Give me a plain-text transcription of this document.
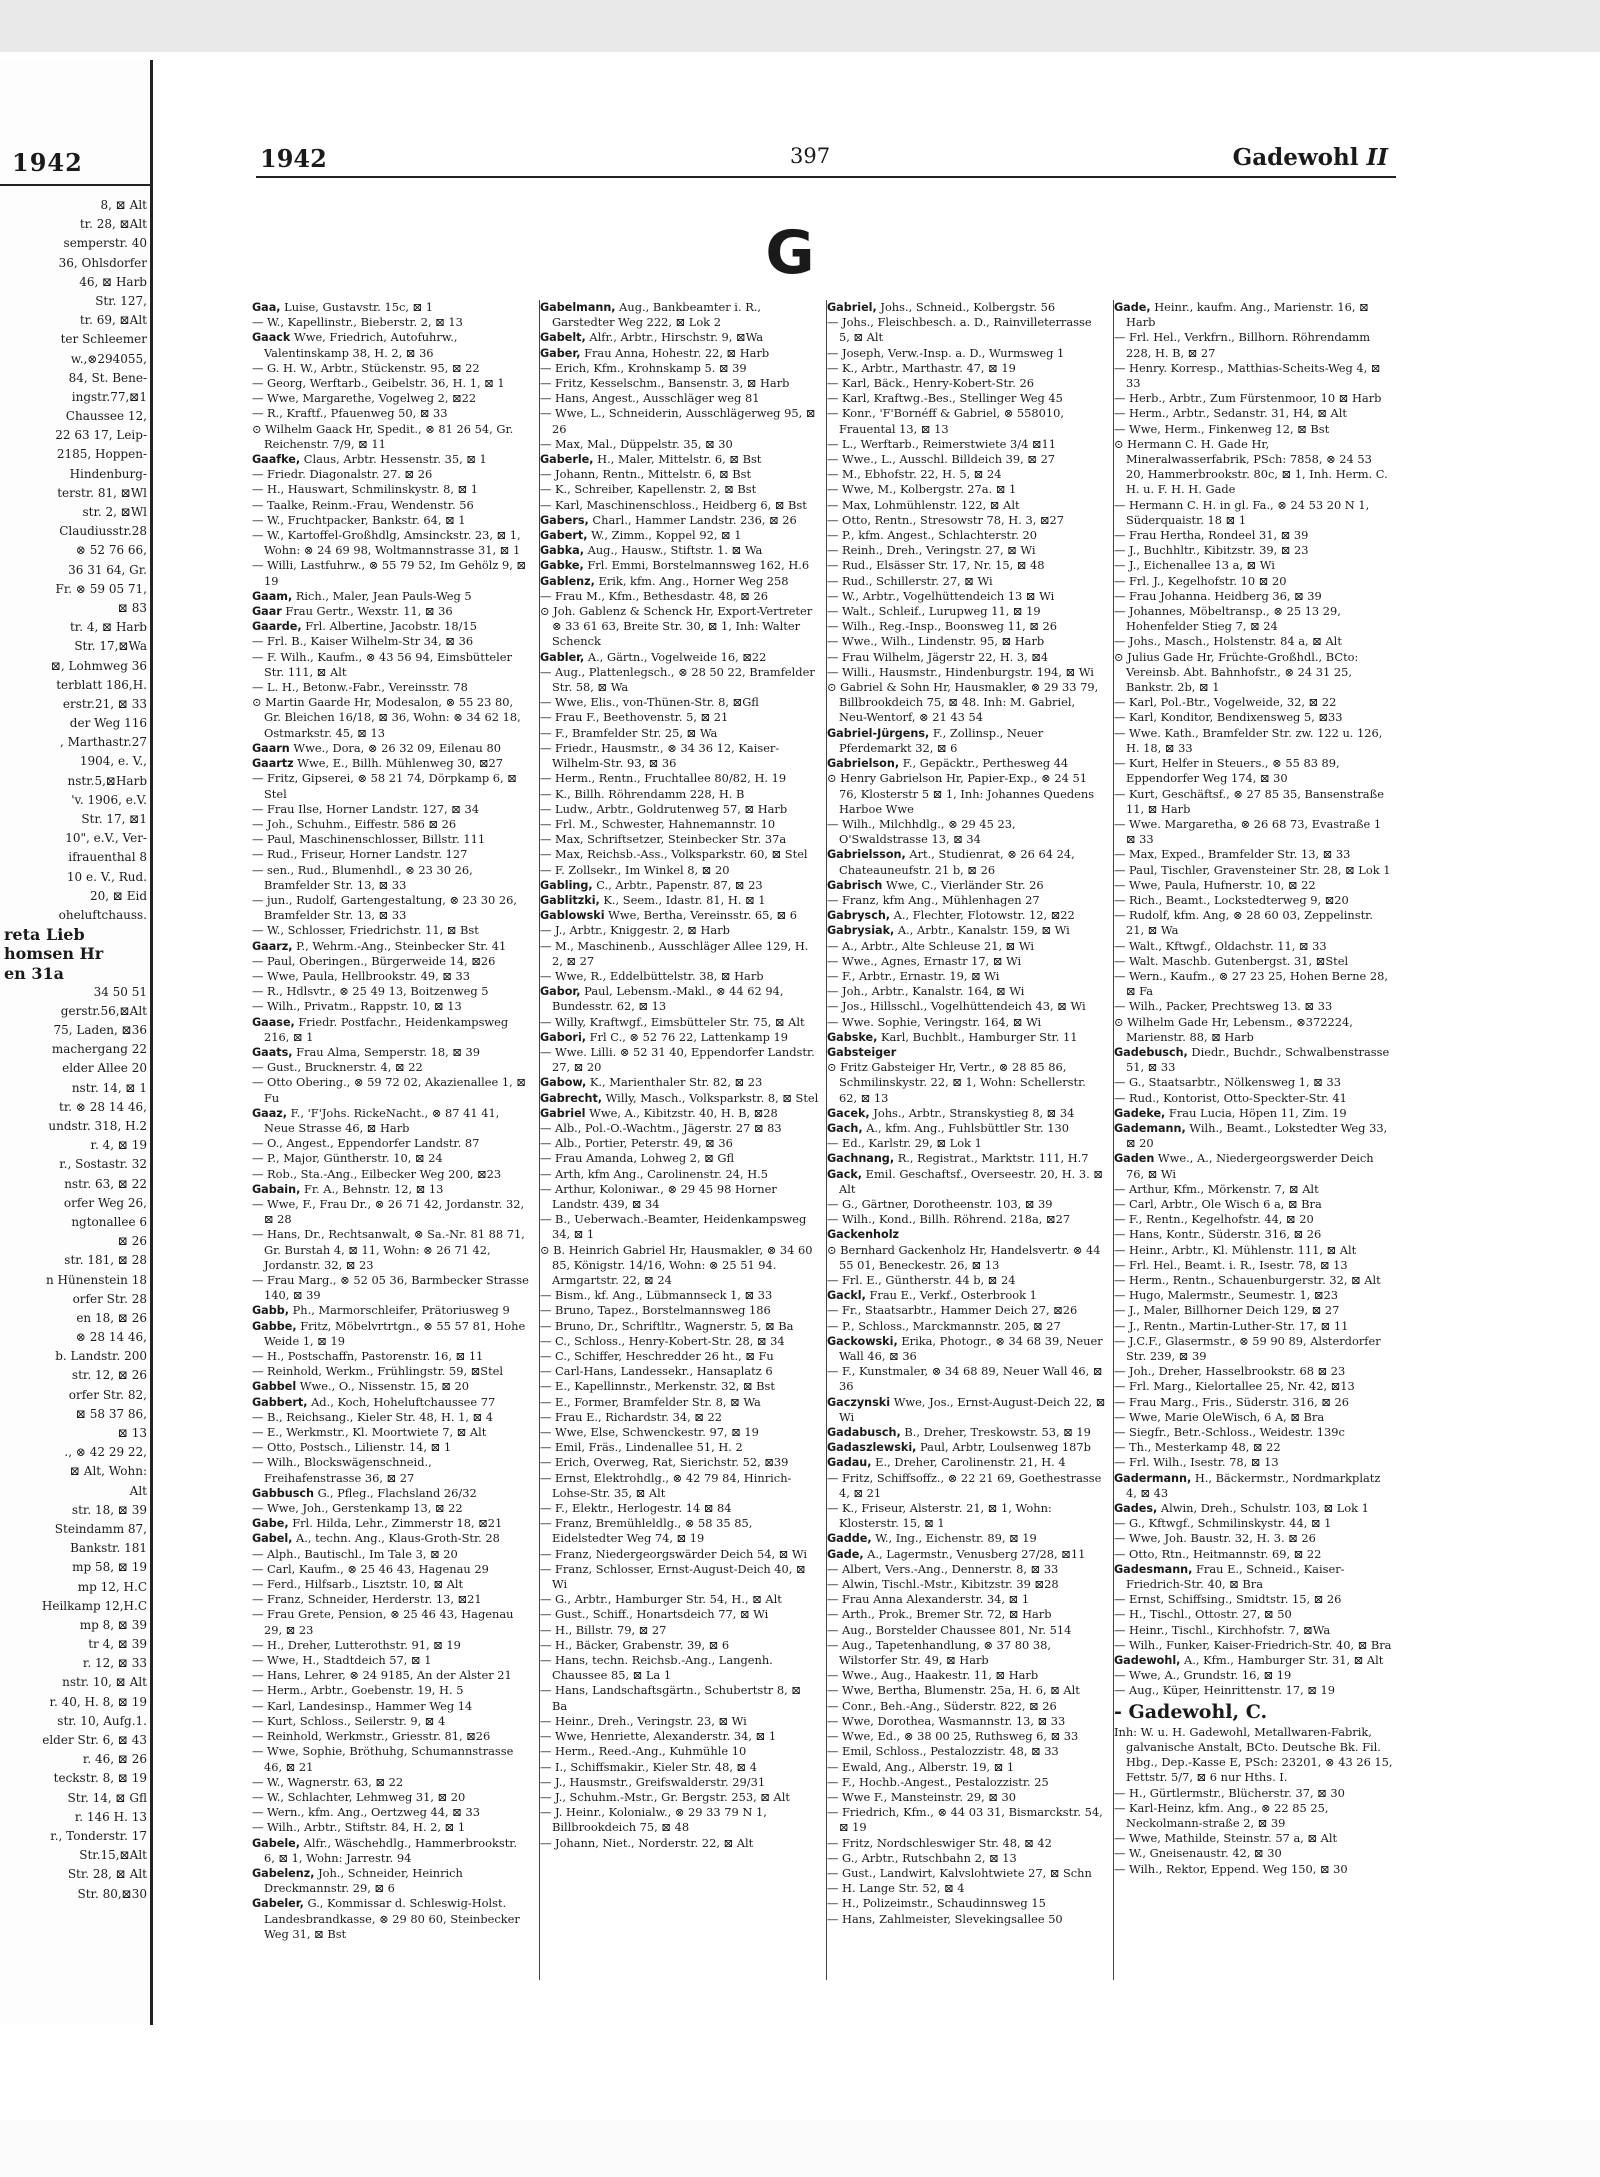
1942
8, ⊠ Alt
tr. 28, ⊠Alt
semperstr. 40
36, Ohlsdorfer
46, ⊠ Harb
Str. 127,
tr. 69, ⊠Alt
ter Schleemer
w.,⊗294055,
84, St. Bene-
ingstr.77,⊠1
Chaussee 12,
22 63 17, Leip-
2185, Hoppen-
Hindenburg-
terstr. 81, ⊠Wl
str. 2, ⊠Wl
Claudiusstr.28
⊗ 52 76 66,
36 31 64, Gr.
Fr. ⊗ 59 05 71,
⊠ 83
tr. 4, ⊠ Harb
Str. 17,⊠Wa
⊠, Lohmweg 36
terblatt 186,H.
erstr.21, ⊠ 33
der Weg 116
, Marthastr.27
1904, e. V.,
nstr.5,⊠Harb
'v. 1906, e.V.
Str. 17, ⊠1
10", e.V., Ver-
ifrauenthal 8
10 e. V., Rud.
20, ⊠ Eid
oheluftchauss.
reta Lieb
homsen Hr
en 31a
34 50 51
gerstr.56,⊠Alt
75, Laden, ⊠36
machergang 22
elder Allee 20
nstr. 14, ⊠ 1
tr. ⊗ 28 14 46,
undstr. 318, H.2
r. 4, ⊠ 19
r., Sostastr. 32
nstr. 63, ⊠ 22
orfer Weg 26,
ngtonallee 6
⊠ 26
str. 181, ⊠ 28
n Hünenstein 18
orfer Str. 28
en 18, ⊠ 26
⊗ 28 14 46,
b. Landstr. 200
str. 12, ⊠ 26
orfer Str. 82,
⊠ 58 37 86,
⊠ 13
., ⊗ 42 29 22,
⊠ Alt, Wohn:
Alt
str. 18, ⊠ 39
Steindamm 87,
Bankstr. 181
mp 58, ⊠ 19
mp 12, H.C
Heilkamp 12,H.C
mp 8, ⊠ 39
tr 4, ⊠ 39
r. 12, ⊠ 33
nstr. 10, ⊠ Alt
r. 40, H. 8, ⊠ 19
str. 10, Aufg.1.
elder Str. 6, ⊠ 43
r. 46, ⊠ 26
teckstr. 8, ⊠ 19
Str. 14, ⊠ Gfl
r. 146 H. 13
r., Tonderstr. 17
Str.15,⊠Alt
Str. 28, ⊠ Alt
Str. 80,⊠30
1942	397	Gadewohl II
G

Gaa, Luise, Gustavstr. 15c, ⊠ 1

— W., Kapellinstr., Bieberstr. 2, ⊠ 13

Gaack Wwe, Friedrich, Autofuhrw., Valentinskamp 38, H. 2, ⊠ 36

— G. H. W., Arbtr., Stückenstr. 95, ⊠ 22

— Georg, Werftarb., Geibelstr. 36, H. 1, ⊠ 1

— Wwe, Margarethe, Vogelweg 2, ⊠22

— R., Kraftf., Pfauenweg 50, ⊠ 33

⊙ Wilhelm Gaack Hr, Spedit., ⊗ 81 26 54, Gr. Reichenstr. 7/9, ⊠ 11

Gaafke, Claus, Arbtr. Hessenstr. 35, ⊠ 1

— Friedr. Diagonalstr. 27. ⊠ 26

— H., Hauswart, Schmilinskystr. 8, ⊠ 1

— Taalke, Reinm.-Frau, Wendenstr. 56

— W., Fruchtpacker, Bankstr. 64, ⊠ 1

— W., Kartoffel-Großhdlg, Amsinckstr. 23, ⊠ 1, Wohn: ⊗ 24 69 98, Woltmannstrasse 31, ⊠ 1

— Willi, Lastfuhrw., ⊗ 55 79 52, Im Gehölz 9, ⊠ 19

Gaam, Rich., Maler, Jean Pauls-Weg 5

Gaar Frau Gertr., Wexstr. 11, ⊠ 36

Gaarde, Frl. Albertine, Jacobstr. 18/15

— Frl. B., Kaiser Wilhelm-Str 34, ⊠ 36

— F. Wilh., Kaufm., ⊗ 43 56 94, Eimsbütteler Str. 111, ⊠ Alt

— L. H., Betonw.-Fabr., Vereinsstr. 78

⊙ Martin Gaarde Hr, Modesalon, ⊗ 55 23 80, Gr. Bleichen 16/18, ⊠ 36, Wohn: ⊗ 34 62 18, Ostmarkstr. 45, ⊠ 13

Gaarn Wwe., Dora, ⊗ 26 32 09, Eilenau 80

Gaartz Wwe, E., Billh. Mühlenweg 30, ⊠27

— Fritz, Gipserei, ⊗ 58 21 74, Dörpkamp 6, ⊠ Stel

— Frau Ilse, Horner Landstr. 127, ⊠ 34

— Joh., Schuhm., Eiffestr. 586 ⊠ 26

— Paul, Maschinenschlosser, Billstr. 111

— Rud., Friseur, Horner Landstr. 127

— sen., Rud., Blumenhdl., ⊗ 23 30 26, Bramfelder Str. 13, ⊠ 33

— jun., Rudolf, Gartengestaltung, ⊗ 23 30 26, Bramfelder Str. 13, ⊠ 33

— W., Schlosser, Friedrichstr. 11, ⊠ Bst

Gaarz, P., Wehrm.-Ang., Steinbecker Str. 41

— Paul, Oberingen., Bürgerweide 14, ⊠26

— Wwe, Paula, Hellbrookstr. 49, ⊠ 33

— R., Hdlsvtr., ⊗ 25 49 13, Boitzenweg 5

— Wilh., Privatm., Rappstr. 10, ⊠ 13

Gaase, Friedr. Postfachr., Heidenkampsweg 216, ⊠ 1

Gaats, Frau Alma, Semperstr. 18, ⊠ 39

— Gust., Brucknerstr. 4, ⊠ 22

— Otto Obering., ⊗ 59 72 02, Akazienallee 1, ⊠ Fu

Gaaz, F., 'F'Johs. RickeNacht., ⊗ 87 41 41, Neue Strasse 46, ⊠ Harb

— O., Angest., Eppendorfer Landstr. 87

— P., Major, Güntherstr. 10, ⊠ 24

— Rob., Sta.-Ang., Eilbecker Weg 200, ⊠23

Gabain, Fr. A., Behnstr. 12, ⊠ 13

— Wwe, F., Frau Dr., ⊗ 26 71 42, Jordanstr. 32, ⊠ 28

— Hans, Dr., Rechtsanwalt, ⊗ Sa.-Nr. 81 88 71, Gr. Burstah 4, ⊠ 11, Wohn: ⊗ 26 71 42, Jordanstr. 32, ⊠ 23

— Frau Marg., ⊗ 52 05 36, Barmbecker Strasse 140, ⊠ 39

Gabb, Ph., Marmorschleifer, Prätoriusweg 9

Gabbe, Fritz, Möbelvrtrtgn., ⊗ 55 57 81, Hohe Weide 1, ⊠ 19

— H., Postschaffn, Pastorenstr. 16, ⊠ 11

— Reinhold, Werkm., Frühlingstr. 59, ⊠Stel

Gabbel Wwe., O., Nissenstr. 15, ⊠ 20

Gabbert, Ad., Koch, Hoheluftchaussee 77

— B., Reichsang., Kieler Str. 48, H. 1, ⊠ 4

— E., Werkmstr., Kl. Moortwiete 7, ⊠ Alt

— Otto, Postsch., Lilienstr. 14, ⊠ 1

— Wilh., Blockswägenschneid., Freihafenstrasse 36, ⊠ 27

Gabbusch G., Pfleg., Flachsland 26/32

— Wwe, Joh., Gerstenkamp 13, ⊠ 22

Gabe, Frl. Hilda, Lehr., Zimmerstr 18, ⊠21

Gabel, A., techn. Ang., Klaus-Groth-Str. 28

— Alph., Bautischl., Im Tale 3, ⊠ 20

— Carl, Kaufm., ⊗ 25 46 43, Hagenau 29

— Ferd., Hilfsarb., Lisztstr. 10, ⊠ Alt

— Franz, Schneider, Herderstr. 13, ⊠21

— Frau Grete, Pension, ⊗ 25 46 43, Hagenau 29, ⊠ 23

— H., Dreher, Lutterothstr. 91, ⊠ 19

— Wwe, H., Stadtdeich 57, ⊠ 1

— Hans, Lehrer, ⊗ 24 9185, An der Alster 21

— Herm., Arbtr., Goebenstr. 19, H. 5

— Karl, Landesinsp., Hammer Weg 14

— Kurt, Schloss., Seilerstr. 9, ⊠ 4

— Reinhold, Werkmstr., Griesstr. 81, ⊠26

— Wwe, Sophie, Bröthuhg, Schumannstrasse 46, ⊠ 21

— W., Wagnerstr. 63, ⊠ 22

— W., Schlachter, Lehmweg 31, ⊠ 20

— Wern., kfm. Ang., Oertzweg 44, ⊠ 33

— Wilh., Arbtr., Stiftstr. 84, H. 2, ⊠ 1

Gabele, Alfr., Wäschehdlg., Hammerbrookstr. 6, ⊠ 1, Wohn: Jarrestr. 94

Gabelenz, Joh., Schneider, Heinrich Dreckmannstr. 29, ⊠ 6

Gabeler, G., Kommissar d. Schleswig-Holst. Landesbrandkasse, ⊗ 29 80 60, Steinbecker Weg 31, ⊠ Bst

Gabelmann, Aug., Bankbeamter i. R., Garstedter Weg 222, ⊠ Lok 2

Gabelt, Alfr., Arbtr., Hirschstr. 9, ⊠Wa

Gaber, Frau Anna, Hohestr. 22, ⊠ Harb

— Erich, Kfm., Krohnskamp 5. ⊠ 39

— Fritz, Kesselschm., Bansenstr. 3, ⊠ Harb

— Hans, Angest., Ausschläger weg 81

— Wwe, L., Schneiderin, Ausschlägerweg 95, ⊠ 26

— Max, Mal., Düppelstr. 35, ⊠ 30

Gaberle, H., Maler, Mittelstr. 6, ⊠ Bst

— Johann, Rentn., Mittelstr. 6, ⊠ Bst

— K., Schreiber, Kapellenstr. 2, ⊠ Bst

— Karl, Masсhinenschloss., Heidberg 6, ⊠ Bst

Gabers, Charl., Hammer Landstr. 236, ⊠ 26

Gabert, W., Zimm., Koppel 92, ⊠ 1

Gabka, Aug., Hausw., Stiftstr. 1. ⊠ Wa

Gabke, Frl. Emmi, Borstelmannsweg 162, H.6

Gablenz, Erik, kfm. Ang., Horner Weg 258

— Frau M., Kfm., Bethesdastr. 48, ⊠ 26

⊙ Joh. Gablenz & Schenck Hr, Export-Vertreter ⊗ 33 61 63, Breite Str. 30, ⊠ 1, Inh: Walter Schenck

Gabler, A., Gärtn., Vogelweide 16, ⊠22

— Aug., Plattenlegsch., ⊗ 28 50 22, Bramfelder Str. 58, ⊠ Wa

— Wwe, Elis., von-Thünen-Str. 8, ⊠Gfl

— Frau F., Beethovenstr. 5, ⊠ 21

— F., Bramfelder Str. 25, ⊠ Wa

— Friedr., Hausmstr., ⊗ 34 36 12, Kaiser-Wilhelm-Str. 93, ⊠ 36

— Herm., Rentn., Fruchtallee 80/82, H. 19

— K., Billh. Röhrendamm 228, H. B

— Ludw., Arbtr., Goldrutenweg 57, ⊠ Harb

— Frl. M., Schwester, Hahnemannstr. 10

— Max, Schriftsetzer, Steinbecker Str. 37a

— Max, Reichsb.-Ass., Volksparkstr. 60, ⊠ Stel

— F. Zollsekr., Im Winkel 8, ⊠ 20

Gabling, C., Arbtr., Papenstr. 87, ⊠ 23

Gablitzki, K., Seem., Idastr. 81, H. ⊠ 1

Gablowski Wwe, Bertha, Vereinsstr. 65, ⊠ 6

— J., Arbtr., Kniggestr. 2, ⊠ Harb

— M., Maschinenb., Ausschläger Allee 129, H. 2, ⊠ 27

— Wwe, R., Eddelbüttelstr. 38, ⊠ Harb

Gabor, Paul, Lebensm.-Makl., ⊗ 44 62 94, Bundesstr. 62, ⊠ 13

— Willy, Kraftwgf., Eimsbütteler Str. 75, ⊠ Alt

Gabori, Frl C., ⊗ 52 76 22, Lattenkamp 19

— Wwe. Lilli. ⊗ 52 31 40, Eppendorfer Landstr. 27, ⊠ 20

Gabow, K., Marienthaler Str. 82, ⊠ 23

Gabrecht, Willy, Masch., Volksparkstr. 8, ⊠ Stel

Gabriel Wwe, A., Kibitzstr. 40, H. B, ⊠28

— Alb., Pol.-O.-Wachtm., Jägerstr. 27 ⊠ 83

— Alb., Portier, Peterstr. 49, ⊠ 36

— Frau Amanda, Lohweg 2, ⊠ Gfl

— Arth, kfm Ang., Carolinenstr. 24, H.5

— Arthur, Koloniwar., ⊗ 29 45 98 Horner Landstr. 439, ⊠ 34

— B., Ueberwach.-Beamter, Heidenkampsweg 34, ⊠ 1

⊙ B. Heinrich Gabriel Hr, Hausmakler, ⊗ 34 60 85, Königstr. 14/16, Wohn: ⊗ 25 51 94. Armgartstr. 22, ⊠ 24

— Bism., kf. Ang., Lübmannseck 1, ⊠ 33

— Bruno, Tapez., Borstelmannsweg 186

— Bruno, Dr., Schriftltr., Wagnerstr. 5, ⊠ Ba

— C., Schloss., Henry-Kobert-Str. 28, ⊠ 34

— C., Schiffer, Heschredder 26 ht., ⊠ Fu

— Carl-Hans, Landessekr., Hansaplatz 6

— E., Kapellinnstr., Merkenstr. 32, ⊠ Bst

— E., Former, Bramfelder Str. 8, ⊠ Wa

— Frau E., Richardstr. 34, ⊠ 22

— Wwe, Else, Schwenckestr. 97, ⊠ 19

— Emil, Fräs., Lindenallee 51, H. 2

— Erich, Overweg, Rat, Sierichstr. 52, ⊠39

— Ernst, Elektrohdlg., ⊗ 42 79 84, Hinrich-Lohse-Str. 35, ⊠ Alt

— F., Elektr., Herlogestr. 14 ⊠ 84

— Franz, Bremühleldlg., ⊗ 58 35 85, Eidelstedter Weg 74, ⊠ 19

— Franz, Niedergeorgswärder Deich 54, ⊠ Wi

— Franz, Schlosser, Ernst-August-Deich 40, ⊠ Wi

— G., Arbtr., Hamburger Str. 54, H., ⊠ Alt

— Gust., Schiff., Honartsdeich 77, ⊠ Wi

— H., Billstr. 79, ⊠ 27

— H., Bäcker, Grabenstr. 39, ⊠ 6

— Hans, techn. Reichsb.-Ang., Langenh. Chaussee 85, ⊠ La 1

— Hans, Landschaftsgärtn., Schubertstr 8, ⊠ Ba

— Heinr., Dreh., Veringstr. 23, ⊠ Wi

— Wwe, Henriette, Alexanderstr. 34, ⊠ 1

— Herm., Reed.-Ang., Kuhmühle 10

— I., Schiffsmakir., Kieler Str. 48, ⊠ 4

— J., Hausmstr., Greifswalderstr. 29/31

— J., Schuhm.-Mstr., Gr. Bergstr. 253, ⊠ Alt

— J. Heinr., Kolonialw., ⊗ 29 33 79 N 1, Billbrookdeich 75, ⊠ 48

— Johann, Niet., Norderstr. 22, ⊠ Alt

Gabriel, Johs., Schneid., Kolbergstr. 56

— Johs., Fleischbesch. a. D., Rainvilleterrasse 5, ⊠ Alt

— Joseph, Verw.-Insp. a. D., Wurmsweg 1

— K., Arbtr., Marthastr. 47, ⊠ 19

— Karl, Bäck., Henry-Kobert-Str. 26

— Karl, Kraftwg.-Bes., Stellinger Weg 45

— Konr., 'F'Bornéff & Gabriel, ⊗ 558010, Frauental 13, ⊠ 13

— L., Werftarb., Reimerstwiete 3/4 ⊠11

— Wwe., L., Ausschl. Billdeich 39, ⊠ 27

— M., Ebhofstr. 22, H. 5, ⊠ 24

— Wwe, M., Kolbergstr. 27a. ⊠ 1

— Max, Lohmühlenstr. 122, ⊠ Alt

— Otto, Rentn., Stresowstr 78, H. 3, ⊠27

— P., kfm. Angest., Schlachterstr. 20

— Reinh., Dreh., Veringstr. 27, ⊠ Wi

— Rud., Elsässer Str. 17, Nr. 15, ⊠ 48

— Rud., Schillerstr. 27, ⊠ Wi

— W., Arbtr., Vogelhüttendeich 13 ⊠ Wi

— Walt., Schleif., Lurupweg 11, ⊠ 19

— Wilh., Reg.-Insp., Boonsweg 11, ⊠ 26

— Wwe., Wilh., Lindenstr. 95, ⊠ Harb

— Frau Wilhelm, Jägerstr 22, H. 3, ⊠4

— Willi., Hausmstr., Hindenburgstr. 194, ⊠ Wi

⊙ Gabriel & Sohn Hr, Hausmakler, ⊗ 29 33 79, Billbrookdeich 75, ⊠ 48. Inh: M. Gabriel, Neu-Wentorf, ⊗ 21 43 54

Gabriel-Jürgens, F., Zollinsp., Neuer Pferdemarkt 32, ⊠ 6

Gabrielson, F., Gepäcktr., Perthesweg 44

⊙ Henry Gabrielson Hr, Papier-Exp., ⊗ 24 51 76, Klosterstr 5 ⊠ 1, Inh: Johannes Quedens Harboe Wwe

— Wilh., Milchhdlg., ⊗ 29 45 23, O'Swaldstrasse 13, ⊠ 34

Gabrielsson, Art., Studienrat, ⊗ 26 64 24, Chateauneufstr. 21 b, ⊠ 26

Gabrisch Wwe, C., Vierländer Str. 26

— Franz, kfm Ang., Mühlenhagen 27

Gabrysch, A., Flechter, Flotowstr. 12, ⊠22

Gabrysiak, A., Arbtr., Kanalstr. 159, ⊠ Wi

— A., Arbtr., Alte Schleuse 21, ⊠ Wi

— Wwe., Agnes, Ernastr 17, ⊠ Wi

— F., Arbtr., Ernastr. 19, ⊠ Wi

— Joh., Arbtr., Kanalstr. 164, ⊠ Wi

— Jos., Hillsschl., Vogelhüttendeich 43, ⊠ Wi

— Wwe. Sophie, Veringstr. 164, ⊠ Wi

Gabske, Karl, Buchblt., Hamburger Str. 11

Gabsteiger

⊙ Fritz Gabsteiger Hr, Vertr., ⊗ 28 85 86, Schmilinskystr. 22, ⊠ 1, Wohn: Schellerstr. 62, ⊠ 13

Gacek, Johs., Arbtr., Stranskystieg 8, ⊠ 34

Gach, A., kfm. Ang., Fuhlsbüttler Str. 130

— Ed., Karlstr. 29, ⊠ Lok 1

Gachnang, R., Registrat., Marktstr. 111, H.7

Gack, Emil. Geschaftsf., Overseestr. 20, H. 3. ⊠ Alt

— G., Gärtner, Dorotheenstr. 103, ⊠ 39

— Wilh., Kond., Billh. Röhrend. 218a, ⊠27

Gackenholz

⊙ Bernhard Gackenholz Hr, Handelsvertr. ⊗ 44 55 01, Beneckestr. 26, ⊠ 13

— Frl. E., Güntherstr. 44 b, ⊠ 24

Gackl, Frau E., Verkf., Osterbrook 1

— Fr., Staatsarbtr., Hammer Deich 27, ⊠26

— P., Schloss., Marckmannstr. 205, ⊠ 27

Gackowski, Erika, Photogr., ⊗ 34 68 39, Neuer Wall 46, ⊠ 36

— F., Kunstmaler, ⊗ 34 68 89, Neuer Wall 46, ⊠ 36

Gaczynski Wwe, Jos., Ernst-August-Deich 22, ⊠ Wi

Gadabusch, B., Dreher, Treskowstr. 53, ⊠ 19

Gadaszlewski, Paul, Arbtr, Loulsenweg 187b

Gadau, E., Dreher, Carolinenstr. 21, H. 4

— Fritz, Schiffsoffz., ⊗ 22 21 69, Goethestrasse 4, ⊠ 21

— K., Friseur, Alsterstr. 21, ⊠ 1, Wohn: Klosterstr. 15, ⊠ 1

Gadde, W., Ing., Eichenstr. 89, ⊠ 19

Gade, A., Lagermstr., Venusberg 27/28, ⊠11

— Albert, Vers.-Ang., Dennerstr. 8, ⊠ 33

— Alwin, Tischl.-Mstr., Kibitzstr. 39 ⊠28

— Frau Anna Alexanderstr. 34, ⊠ 1

— Arth., Prok., Bremer Str. 72, ⊠ Harb

— Aug., Borstelder Chaussee 801, Nr. 514

— Aug., Tapetenhandlung, ⊗ 37 80 38, Wilstorfer Str. 49, ⊠ Harb

— Wwe., Aug., Haakestr. 11, ⊠ Harb

— Wwe, Bertha, Blumenstr. 25a, H. 6, ⊠ Alt

— Conr., Beh.-Ang., Süderstr. 822, ⊠ 26

— Wwe, Dorothea, Wasmannstr. 13, ⊠ 33

— Wwe, Ed., ⊗ 38 00 25, Ruthsweg 6, ⊠ 33

— Emil, Schloss., Pestalozzistr. 48, ⊠ 33

— Ewald, Ang., Alberstr. 19, ⊠ 1

— F., Hochb.-Angest., Pestalozzistr. 25

— Wwe F., Mansteinstr. 29, ⊠ 30

— Friedrich, Kfm., ⊗ 44 03 31, Bismarckstr. 54, ⊠ 19

— Fritz, Nordschleswiger Str. 48, ⊠ 42

— G., Arbtr., Rutschbahn 2, ⊠ 13

— Gust., Landwirt, Kalvslohtwiete 27, ⊠ Schn

— H. Lange Str. 52, ⊠ 4

— H., Polizeimstr., Schaudinnsweg 15

— Hans, Zahlmeister, Slevekingsallee 50

Gade, Heinr., kaufm. Ang., Marienstr. 16, ⊠ Harb

— Frl. Hel., Verkfrn., Billhorn. Röhrendamm 228, H. B, ⊠ 27

— Henry. Korresp., Matthias-Scheits-Weg 4, ⊠ 33

— Herb., Arbtr., Zum Fürstenmoor, 10 ⊠ Harb

— Herm., Arbtr., Sedanstr. 31, H4, ⊠ Alt

— Wwe, Herm., Finkenweg 12, ⊠ Bst

⊙ Hermann C. H. Gade Hr, Mineralwasserfabrik, PSch: 7858, ⊗ 24 53 20, Hammerbrookstr. 80c, ⊠ 1, Inh. Herm. C. H. u. F. H. H. Gade

— Hermann C. H. in gl. Fa., ⊗ 24 53 20 N 1, Süderquaistr. 18 ⊠ 1

— Frau Hertha, Rondeel 31, ⊠ 39

— J., Buchhltr., Kibitzstr. 39, ⊠ 23

— J., Eichenallee 13 a, ⊠ Wi

— Frl. J., Kegelhofstr. 10 ⊠ 20

— Frau Johanna. Heidberg 36, ⊠ 39

— Johannes, Möbeltransp., ⊗ 25 13 29, Hohenfelder Stieg 7, ⊠ 24

— Johs., Masch., Holstenstr. 84 a, ⊠ Alt

⊙ Julius Gade Hr, Früchte-Großhdl., BCto: Vereinsb. Abt. Bahnhofstr., ⊗ 24 31 25, Bankstr. 2b, ⊠ 1

— Karl, Pol.-Btr., Vogelweide, 32, ⊠ 22

— Karl, Konditor, Bendixensweg 5, ⊠33

— Wwe. Kath., Bramfelder Str. zw. 122 u. 126, H. 18, ⊠ 33

— Kurt, Helfer in Steuers., ⊗ 55 83 89, Eppendorfer Weg 174, ⊠ 30

— Kurt, Geschäftsf., ⊗ 27 85 35, Bansenstraße 11, ⊠ Harb

— Wwe. Margaretha, ⊗ 26 68 73, Evastraße 1 ⊠ 33

— Max, Exped., Bramfelder Str. 13, ⊠ 33

— Paul, Tischler, Gravensteiner Str. 28, ⊠ Lok 1

— Wwe, Paula, Hufnerstr. 10, ⊠ 22

— Rich., Beamt., Lockstedterweg 9, ⊠20

— Rudolf, kfm. Ang, ⊗ 28 60 03, Zeppelinstr. 21, ⊠ Wa

— Walt., Kftwgf., Oldachstr. 11, ⊠ 33

— Walt. Maschb. Gutenbergst. 31, ⊠Stel

— Wern., Kaufm., ⊗ 27 23 25, Hohen Berne 28, ⊠ Fa

— Wilh., Packer, Prechtsweg 13. ⊠ 33

⊙ Wilhelm Gade Hr, Lebensm., ⊗372224, Marienstr. 88, ⊠ Harb

Gadebusch, Diedr., Buchdr., Schwalbenstrasse 51, ⊠ 33

— G., Staatsarbtr., Nölkensweg 1, ⊠ 33

— Rud., Kontorist, Otto-Speckter-Str. 41

Gadeke, Frau Lucia, Höpen 11, Zim. 19

Gademann, Wilh., Beamt., Lokstedter Weg 33, ⊠ 20

Gaden Wwe., A., Niedergeorgswerder Deich 76, ⊠ Wi

— Arthur, Kfm., Mörkenstr. 7, ⊠ Alt

— Carl, Arbtr., Ole Wisch 6 a, ⊠ Bra

— F., Rentn., Kegelhofstr. 44, ⊠ 20

— Hans, Kontr., Süderstr. 316, ⊠ 26

— Heinr., Arbtr., Kl. Mühlenstr. 111, ⊠ Alt

— Frl. Hel., Beamt. i. R., Isestr. 78, ⊠ 13

— Herm., Rentn., Schauenburgerstr. 32, ⊠ Alt

— Hugo, Malermstr., Seumestr. 1, ⊠23

— J., Maler, Billhorner Deich 129, ⊠ 27

— J., Rentn., Martin-Luther-Str. 17, ⊠ 11

— J.C.F., Glasermstr., ⊗ 59 90 89, Alsterdorfer Str. 239, ⊠ 39

— Joh., Dreher, Hasselbrookstr. 68 ⊠ 23

— Frl. Marg., Kielortallee 25, Nr. 42, ⊠13

— Frau Marg., Fris., Süderstr. 316, ⊠ 26

— Wwe, Marie OleWisch, 6 A, ⊠ Bra

— Siegfr., Betr.-Schloss., Weidestr. 139c

— Th., Mesterkamp 48, ⊠ 22

— Frl. Wilh., Isestr. 78, ⊠ 13

Gadermann, H., Bäckermstr., Nordmarkplatz 4, ⊠ 43

Gades, Alwin, Dreh., Schulstr. 103, ⊠ Lok 1

— G., Kftwgf., Schmilinskystr. 44, ⊠ 1

— Wwe, Joh. Baustr. 32, H. 3. ⊠ 26

— Otto, Rtn., Heitmannstr. 69, ⊠ 22

Gadesmann, Frau E., Schneid., Kaiser-Friedrich-Str. 40, ⊠ Bra

— Ernst, Schiffsing., Smidtstr. 15, ⊠ 26

— H., Tischl., Ottostr. 27, ⊠ 50

— Heinr., Tischl., Kirchhofstr. 7, ⊠Wa

— Wilh., Funker, Kaiser-Friedrich-Str. 40, ⊠ Bra

Gadewohl, A., Kfm., Hamburger Str. 31, ⊠ Alt

— Wwe, A., Grundstr. 16, ⊠ 19

— Aug., Küper, Heinrittenstr. 17, ⊠ 19

- Gadewohl, C.

Inh: W. u. H. Gadewohl, Metallwaren-Fabrik, galvanische Anstalt, BCto. Deutsche Bk. Fil. Hbg., Dep.-Kasse E, PSch: 23201, ⊗ 43 26 15, Fettstr. 5/7, ⊠ 6 nur Hths. I.

— H., Gürtlermstr., Blücherstr. 37, ⊠ 30

— Karl-Heinz, kfm. Ang., ⊗ 22 85 25, Neckolmann-straße 2, ⊠ 39

— Wwe, Mathilde, Steinstr. 57 a, ⊠ Alt

— W., Gneisenaustr. 42, ⊠ 30

— Wilh., Rektor, Eppend. Weg 150, ⊠ 30
